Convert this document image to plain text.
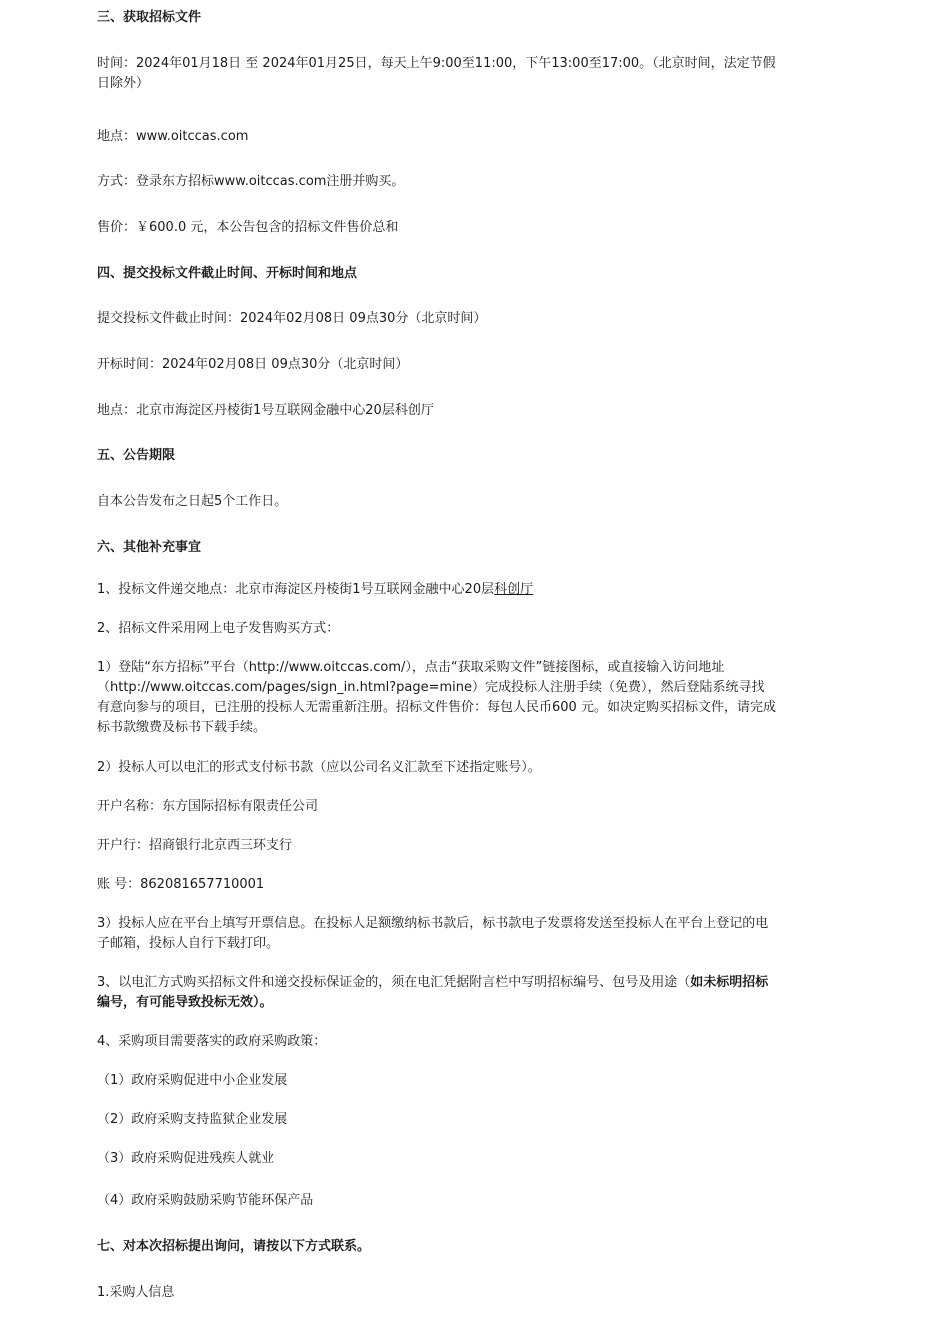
三、获取招标文件

时间：2024年01月18日 至 2024年01月25日，每天上午9:00至11:00，下午13:00至17:00。（北京时间，法定节假日除外）

地点：www.oitccas.com

方式：登录东方招标www.oitccas.com注册并购买。

售价：￥600.0 元，本公告包含的招标文件售价总和

四、提交投标文件截止时间、开标时间和地点

提交投标文件截止时间：2024年02月08日 09点30分（北京时间）

开标时间：2024年02月08日 09点30分（北京时间）

地点：北京市海淀区丹棱街1号互联网金融中心20层科创厅

五、公告期限

自本公告发布之日起5个工作日。

六、其他补充事宜

1、投标文件递交地点：北京市海淀区丹棱街1号互联网金融中心20层科创厅

2、招标文件采用网上电子发售购买方式：

1）登陆“东方招标”平台（http://www.oitccas.com/），点击“获取采购文件”链接图标，或直接输入访问地址（http://www.oitccas.com/pages/sign_in.html?page=mine）完成投标人注册手续（免费），然后登陆系统寻找有意向参与的项目，已注册的投标人无需重新注册。招标文件售价：每包人民币600 元。如决定购买招标文件，请完成标书款缴费及标书下载手续。

2）投标人可以电汇的形式支付标书款（应以公司名义汇款至下述指定账号）。

开户名称：东方国际招标有限责任公司

开户行：招商银行北京西三环支行

账 号：862081657710001

3）投标人应在平台上填写开票信息。在投标人足额缴纳标书款后，标书款电子发票将发送至投标人在平台上登记的电子邮箱，投标人自行下载打印。

3、以电汇方式购买招标文件和递交投标保证金的，须在电汇凭据附言栏中写明招标编号、包号及用途（如未标明招标编号，有可能导致投标无效）。

4、采购项目需要落实的政府采购政策：

（1）政府采购促进中小企业发展

（2）政府采购支持监狱企业发展

（3）政府采购促进残疾人就业

（4）政府采购鼓励采购节能环保产品

七、对本次招标提出询问，请按以下方式联系。

1.采购人信息
